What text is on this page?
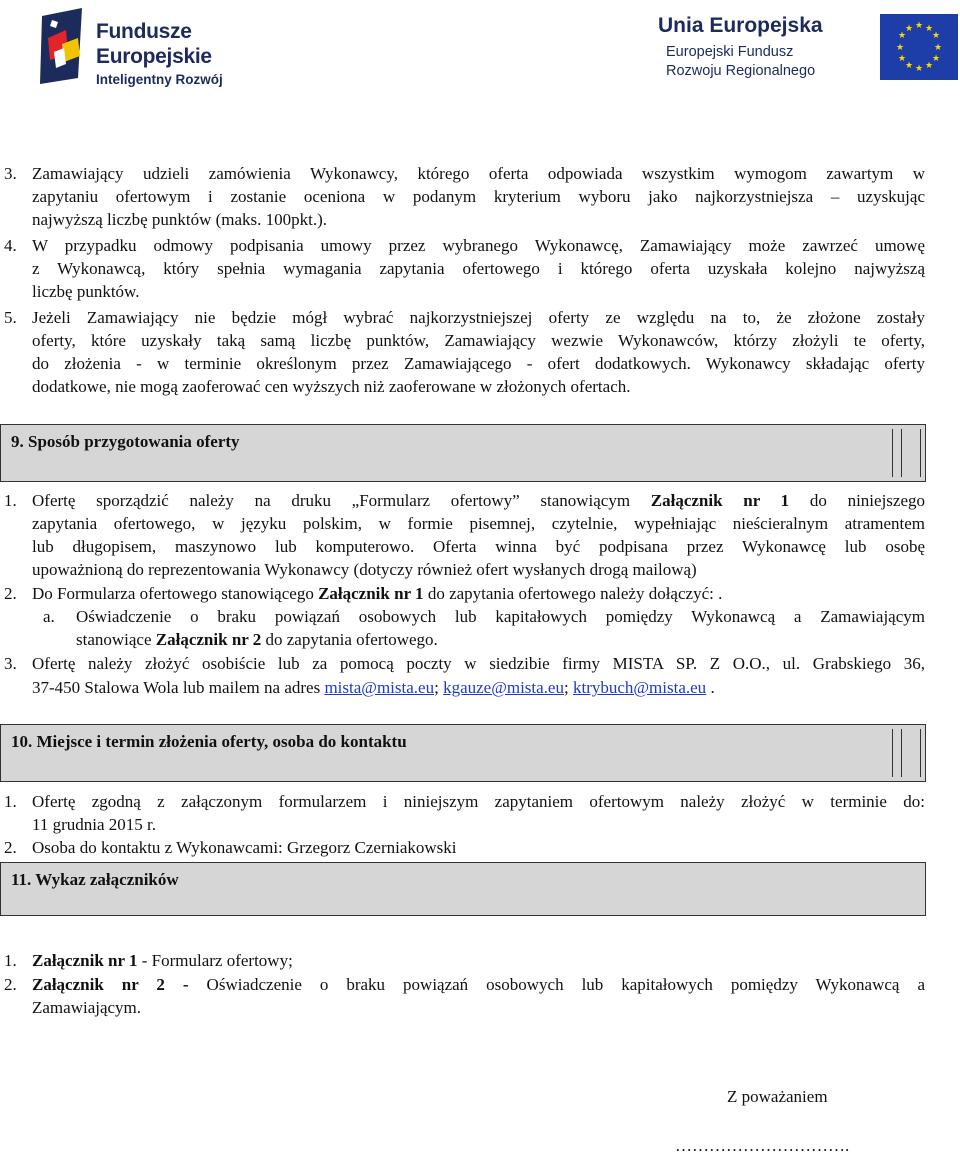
Fundusze
Europejskie
Inteligentny Rozwój
Unia Europejska
Europejski Fundusz
Rozwoju Regionalnego
★ ★
★
★
★
★
★
★
★
★
★
★
3. Zamawiający udzieli zamówienia Wykonawcy, którego oferta odpowiada wszystkim wymogom zawartym w
zapytaniu ofertowym i zostanie oceniona w podanym kryterium wyboru jako najkorzystniejsza – uzyskując
najwyższą liczbę punktów (maks. 100pkt.).
4. W przypadku odmowy podpisania umowy przez wybranego Wykonawcę, Zamawiający może zawrzeć umowę
z Wykonawcą, który spełnia wymagania zapytania ofertowego i którego oferta uzyskała kolejno najwyższą
liczbę punktów.
5. Jeżeli Zamawiający nie będzie mógł wybrać najkorzystniejszej oferty ze względu na to, że złożone zostały
oferty, które uzyskały taką samą liczbę punktów, Zamawiający wezwie Wykonawców, którzy złożyli te oferty,
do złożenia - w terminie określonym przez Zamawiającego - ofert dodatkowych. Wykonawcy składając oferty
dodatkowe, nie mogą zaoferować cen wyższych niż zaoferowane w złożonych ofertach.
9. Sposób przygotowania oferty
1. Ofertę sporządzić należy na druku „Formularz ofertowy” stanowiącym Załącznik nr 1 do niniejszego
zapytania ofertowego, w języku polskim, w formie pisemnej, czytelnie, wypełniając nieścieralnym atramentem
lub długopisem, maszynowo lub komputerowo. Oferta winna być podpisana przez Wykonawcę lub osobę
upoważnioną do reprezentowania Wykonawcy (dotyczy również ofert wysłanych drogą mailową)
2. Do Formularza ofertowego stanowiącego Załącznik nr 1 do zapytania ofertowego należy dołączyć: .
a. Oświadczenie o braku powiązań osobowych lub kapitałowych pomiędzy Wykonawcą a Zamawiającym
stanowiące Załącznik nr 2 do zapytania ofertowego.
3. Ofertę należy złożyć osobiście lub za pomocą poczty w siedzibie firmy MISTA SP. Z O.O., ul. Grabskiego 36,
37-450 Stalowa Wola lub mailem na adres mista@mista.eu; kgauze@mista.eu; ktrybuch@mista.eu .
10. Miejsce i termin złożenia oferty, osoba do kontaktu
1. Ofertę zgodną z załączonym formularzem i niniejszym zapytaniem ofertowym należy złożyć w terminie do:
11 grudnia 2015 r.
2. Osoba do kontaktu z Wykonawcami: Grzegorz Czerniakowski
11. Wykaz załączników
1. Załącznik nr 1 - Formularz ofertowy;
2. Załącznik nr 2 - Oświadczenie o braku powiązań osobowych lub kapitałowych pomiędzy Wykonawcą a
Zamawiającym.
Z poważaniem
………………………….
